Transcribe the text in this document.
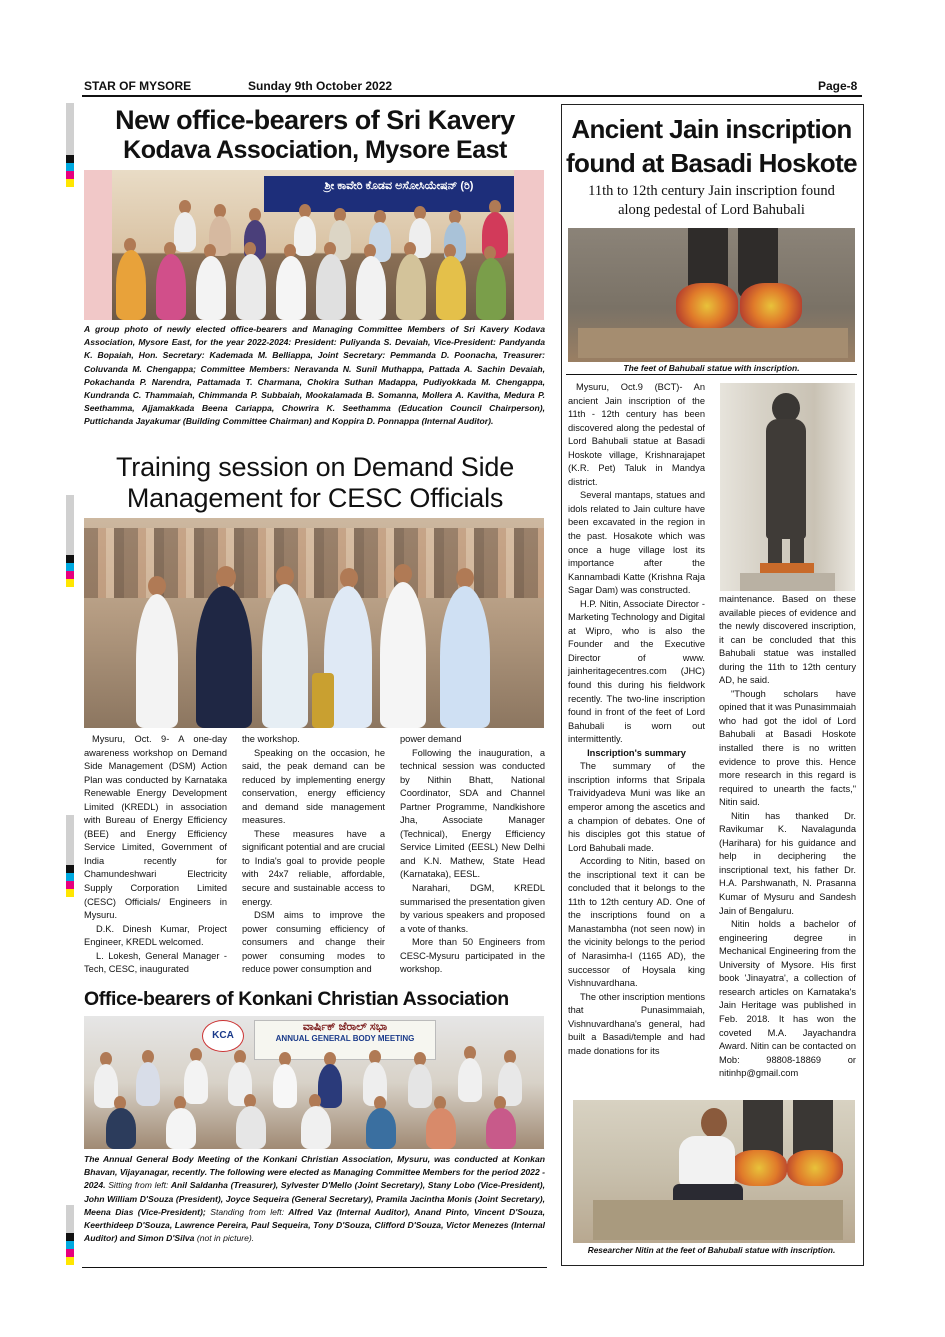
STAR OF MYSORE	Sunday 9th October 2022	Page-8
New office-bearers of Sri Kavery
Kodava Association, Mysore East
ಶ್ರೀ ಕಾವೇರಿ ಕೊಡವ ಅಸೋಸಿಯೇಷನ್ (ರಿ)
A group photo of newly elected office-bearers and Managing Committee Members of Sri Kavery Kodava Association, Mysore East, for the year 2022-2024: President: Puliyanda S. Devaiah, Vice-President: Pandyanda K. Bopaiah, Hon. Secretary: Kademada M. Belliappa, Joint Secretary: Pemmanda D. Poonacha, Treasurer: Coluvanda M. Chengappa; Committee Members: Neravanda N. Sunil Muthappa, Pattada A. Sachin Devaiah, Pokachanda P. Narendra, Pattamada T. Charmana, Chokira Suthan Madappa, Pudiyokkada M. Chengappa, Kundranda C. Thammaiah, Chimmanda P. Subbaiah, Mookalamada B. Somanna, Mollera A. Kavitha, Medura P. Seethamma, Ajjamakkada Beena Cariappa, Chowrira K. Seethamma (Education Council Chairperson), Puttichanda Jayakumar (Building Committee Chairman) and Koppira D. Ponnappa (Internal Auditor).
Training session on Demand Side
Management for CESC Officials

Mysuru, Oct. 9- A one-day awareness workshop on Demand Side Management (DSM) Action Plan was conducted by Karnataka Renewable Energy Development Limited (KREDL) in association with Bureau of Energy Efficiency (BEE) and Energy Efficiency Service Limited, Government of India recently for Chamundeshwari Electricity Supply Corporation Limited (CESC) Officials/ Engineers in Mysuru.

D.K. Dinesh Kumar, Project Engineer, KREDL welcomed.

L. Lokesh, General Manager -Tech, CESC, inaugurated

the workshop.

Speaking on the occasion, he said, the peak demand can be reduced by implementing energy conservation, energy efficiency and demand side management measures.

These measures have a significant potential and are crucial to India's goal to provide people with 24x7 reliable, affordable, secure and sustainable access to energy.

DSM aims to improve the power consuming efficiency of consumers and change their power consuming modes to reduce power consumption and

power demand

Following the inauguration, a technical session was conducted by Nithin Bhatt, National Coordinator, SDA and Channel Partner Programme, Nandkishore Jha, Associate Manager (Technical), Energy Efficiency Service Limited (EESL) New Delhi and K.N. Mathew, State Head (Karnataka), EESL.

Narahari, DGM, KREDL summarised the presentation given by various speakers and proposed a vote of thanks.

More than 50 Engineers from CESC-Mysuru participated in the workshop.

Office-bearers of Konkani Christian Association
KCA
ವಾರ್ಷಿಕ್ ಜೆರಾಲ್ ಸಭಾ
ANNUAL GENERAL BODY MEETING
The Annual General Body Meeting of the Konkani Christian Association, Mysuru, was conducted at Konkan Bhavan, Vijayanagar, recently. The following were elected as Managing Committee Members for the period 2022 - 2024. Sitting from left: Anil Saldanha (Treasurer), Sylvester D'Mello (Joint Secretary), Stany Lobo (Vice-President), John William D'Souza (President), Joyce Sequeira (General Secretary), Pramila Jacintha Monis (Joint Secretary), Meena Dias (Vice-President); Standing from left: Alfred Vaz (Internal Auditor), Anand Pinto, Vincent D'Souza, Keerthideep D'Souza, Lawrence Pereira, Paul Sequeira, Tony D'Souza, Clifford D'Souza, Victor Menezes (Internal Auditor) and Simon D'Silva (not in picture).
Ancient Jain inscription
found at Basadi Hoskote
11th to 12th century Jain inscription found
along pedestal of Lord Bahubali
The feet of Bahubali statue with inscription.

Mysuru, Oct.9 (BCT)- An ancient Jain inscription of the 11th - 12th century has been discovered along the pedestal of Lord Bahubali statue at Basadi Hoskote village, Krishnarajapet (K.R. Pet) Taluk in Mandya district.

Several mantaps, statues and idols related to Jain culture have been excavated in the region in the past. Hosakote which was once a huge village lost its importance after the Kannambadi Katte (Krishna Raja Sagar Dam) was constructed.

H.P. Nitin, Associate Director - Marketing Technology and Digital at Wipro, who is also the Founder and the Executive Director of www. jainheritagecentres.com (JHC) found this during his fieldwork recently. The two-line inscription found in front of the feet of Lord Bahubali is worn out intermittently.

Inscription's summary

The summary of the inscription informs that Sripala Traividyadeva Muni was like an emperor among the ascetics and a champion of debates. One of his disciples got this statue of Lord Bahubali made.

According to Nitin, based on the inscriptional text it can be concluded that it belongs to the 11th to 12th century AD. One of the inscriptions found on a Manastambha (not seen now) in the vicinity belongs to the period of Narasimha-I (1165 AD), the successor of Hoysala king Vishnuvardhana.

The other inscription mentions that Punasimmaiah, Vishnuvardhana's general, had built a Basadi/temple and had made donations for its

maintenance. Based on these available pieces of evidence and the newly discovered inscription, it can be concluded that this Bahubali statue was installed during the 11th to 12th century AD, he said.

"Though scholars have opined that it was Punasimmaiah who had got the idol of Lord Bahubali at Basadi Hoskote installed there is no written evidence to prove this. Hence more research in this regard is required to unearth the facts," Nitin said.

Nitin has thanked Dr. Ravikumar K. Navalagunda (Harihara) for his guidance and help in deciphering the inscriptional text, his father Dr. H.A. Parshwanath, N. Prasanna Kumar of Mysuru and Sandesh Jain of Bengaluru.

Nitin holds a bachelor of engineering degree in Mechanical Engineering from the University of Mysore. His first book 'Jinayatra', a collection of research articles on Karnataka's Jain Heritage was published in Feb. 2018. It has won the coveted M.A. Jayachandra Award. Nitin can be contacted on Mob: 98808-18869 or nitinhp@gmail.com

Researcher Nitin at the feet of Bahubali statue with inscription.
